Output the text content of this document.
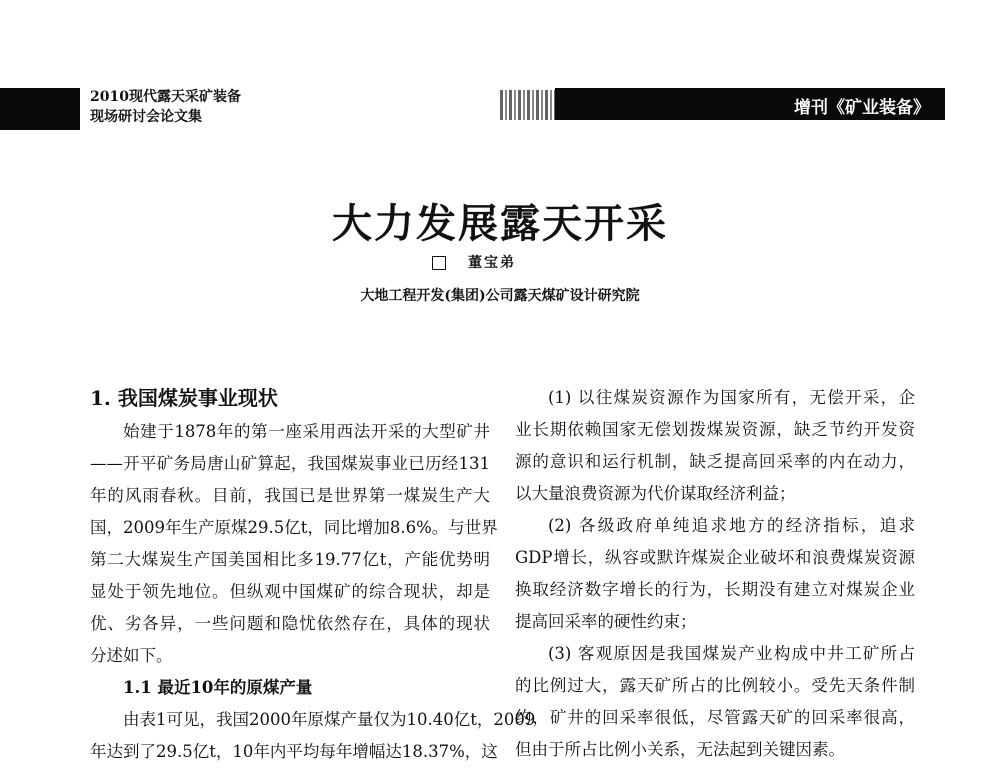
2010现代露天采矿装备
现场研讨会论文集	增刊《矿业装备》
大力发展露天开采
董宝弟
大地工程开发(集团)公司露天煤矿设计研究院
1. 我国煤炭事业现状
始建于1878年的第一座采用西法开采的大型矿井
——开平矿务局唐山矿算起，我国煤炭事业已历经131
年的风雨春秋。目前，我国已是世界第一煤炭生产大
国，2009年生产原煤29.5亿t，同比增加8.6%。与世界
第二大煤炭生产国美国相比多19.77亿t，产能优势明
显处于领先地位。但纵观中国煤矿的综合现状，却是
优、劣各异，一些问题和隐忧依然存在，具体的现状
分述如下。
1.1 最近10年的原煤产量
由表1可见，我国2000年原煤产量仅为10.40亿t，2009
年达到了29.5亿t，10年内平均每年增幅达18.37%，这
(1) 以往煤炭资源作为国家所有，无偿开采，企
业长期依赖国家无偿划拨煤炭资源，缺乏节约开发资
源的意识和运行机制，缺乏提高回采率的内在动力，
以大量浪费资源为代价谋取经济利益；
(2) 各级政府单纯追求地方的经济指标，追求
GDP增长，纵容或默许煤炭企业破坏和浪费煤炭资源
换取经济数字增长的行为，长期没有建立对煤炭企业
提高回采率的硬性约束；
(3) 客观原因是我国煤炭产业构成中井工矿所占
的比例过大，露天矿所占的比例较小。受先天条件制
约，矿井的回采率很低，尽管露天矿的回采率很高，
但由于所占比例小关系，无法起到关键因素。
